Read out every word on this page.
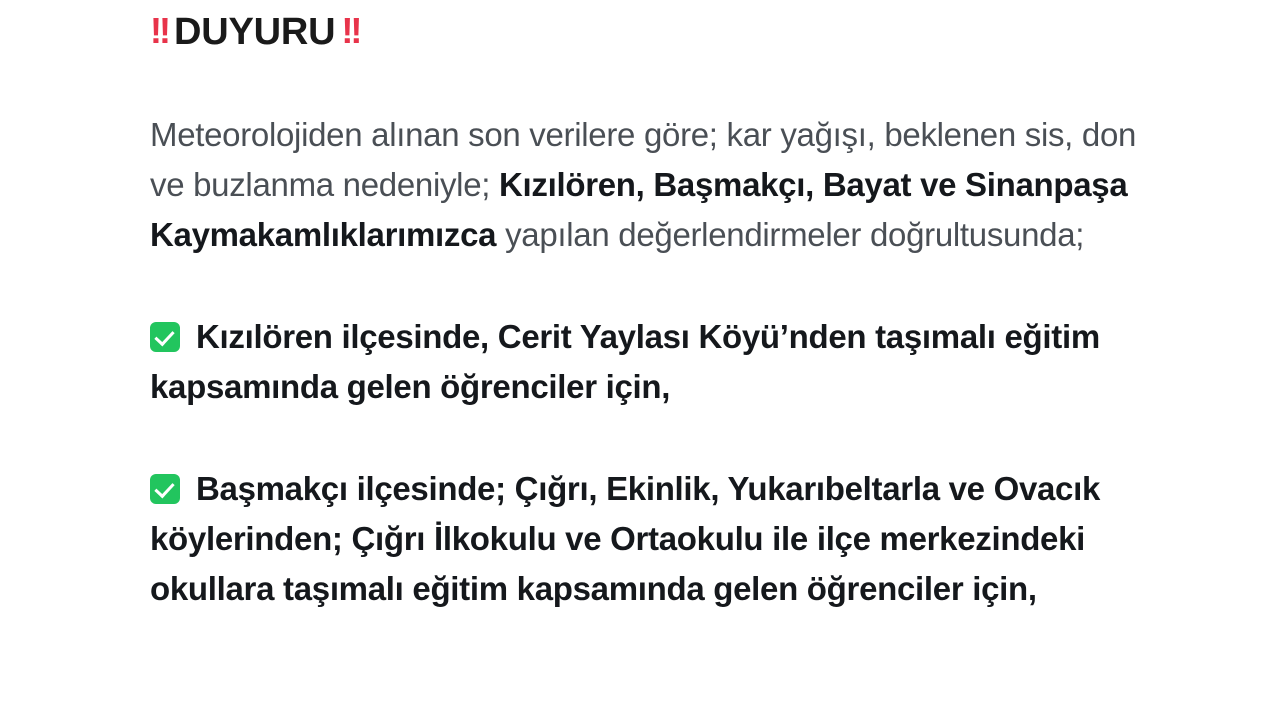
!! DUYURU !!

Meteorolojiden alınan son verilere göre; kar yağışı, beklenen sis, don ve buzlanma nedeniyle; Kızılören, Başmakçı, Bayat ve Sinanpaşa Kaymakamlıklarımızca yapılan değerlendirmeler doğrultusunda;

Kızılören ilçesinde, Cerit Yaylası Köyü’nden taşımalı eğitim kapsamında gelen öğrenciler için,

Başmakçı ilçesinde; Çığrı, Ekinlik, Yukarıbeltarla ve Ovacık köylerinden; Çığrı İlkokulu ve Ortaokulu ile ilçe merkezindeki okullara taşımalı eğitim kapsamında gelen öğrenciler için,
